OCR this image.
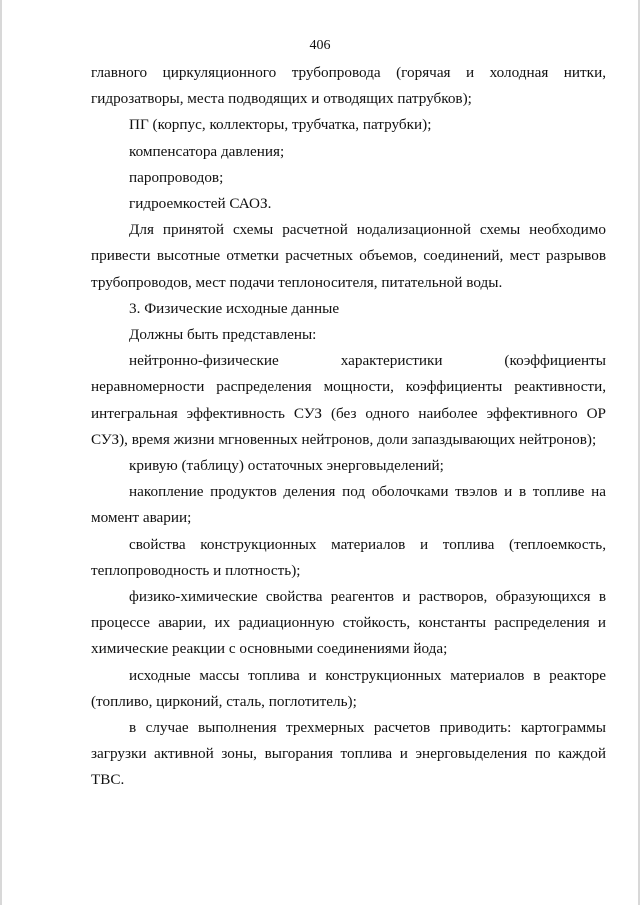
406

главного циркуляционного трубопровода (горячая и холодная нитки, гидрозатворы, места подводящих и отводящих патрубков);

ПГ (корпус, коллекторы, трубчатка, патрубки);

компенсатора давления;

паропроводов;

гидроемкостей САОЗ.

Для принятой схемы расчетной нодализационной схемы необходимо привести высотные отметки расчетных объемов, соединений, мест разрывов трубопроводов, мест подачи теплоносителя, питательной воды.

3. Физические исходные данные

Должны быть представлены:

нейтронно-физические характеристики (коэффициенты неравномерности распределения мощности, коэффициенты реактивности, интегральная эффективность СУЗ (без одного наиболее эффективного ОР СУЗ), время жизни мгновенных нейтронов, доли запаздывающих нейтронов);

кривую (таблицу) остаточных энерговыделений;

накопление продуктов деления под оболочками твэлов и в топливе на момент аварии;

свойства конструкционных материалов и топлива (теплоемкость, теплопроводность и плотность);

физико-химические свойства реагентов и растворов, образующихся в процессе аварии, их радиационную стойкость, константы распределения и химические реакции с основными соединениями йода;

исходные массы топлива и конструкционных материалов в реакторе (топливо, цирконий, сталь, поглотитель);

в случае выполнения трехмерных расчетов приводить: картограммы загрузки активной зоны, выгорания топлива и энерговыделения по каждой ТВС.
